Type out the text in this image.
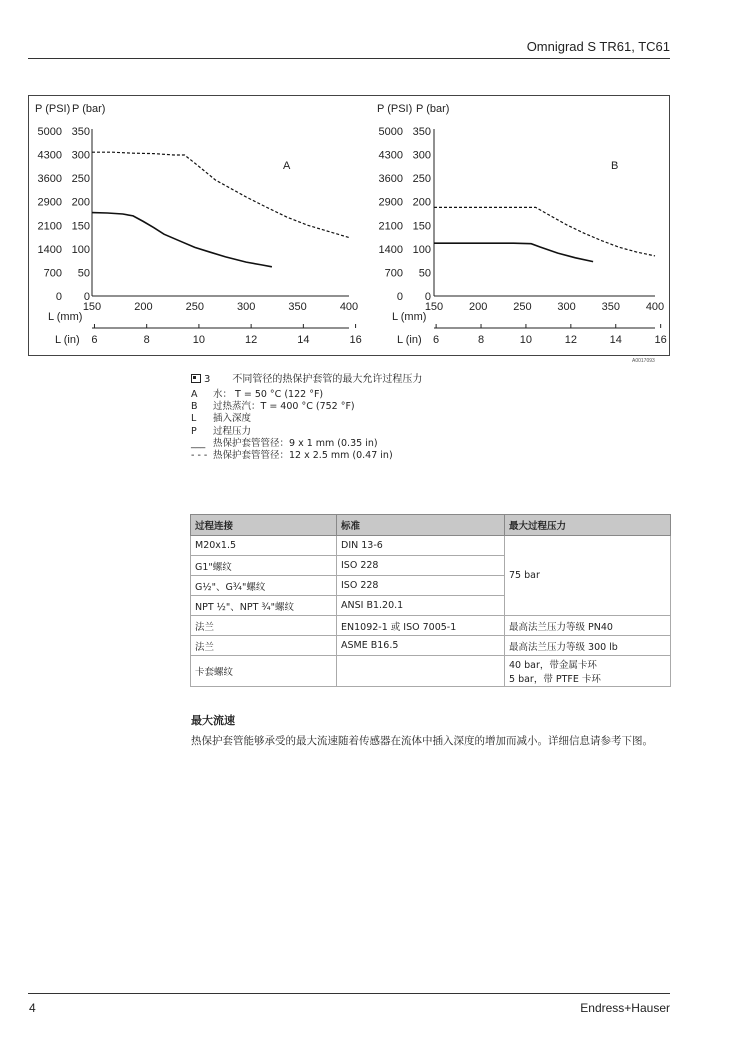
Omnigrad S TR61, TC61
P (PSI) P (bar)
5000 350
4300 300
3600 250
2900 200
2100 150
1400 100
700 50
0 0
150	200	250	300	350	400
L (mm)
6	8	10	12	14	16
L (in)
A
P (PSI) P (bar)
5000 350
4300 300
3600 250
2900 200
2100 150
1400 100
700 50
0 0
150 200 250 300 350 400
L (mm)
6	8	10	12	14	16
L (in)
B
A0017093
3 不同管径的热保护套管的最大允许过程压力
A	水： T = 50 °C (122 °F)
B	过热蒸汽：T = 400 °C (752 °F)
L	插入深度
P	过程压力
___ 热保护套管管径：9 x 1 mm (0.35 in)
- - - 热保护套管管径：12 x 2.5 mm (0.47 in)
过程连接	标准	最大过程压力
M20x1.5	DIN 13-6	75 bar
G1"螺纹	ISO 228	
G½"、G¾"螺纹	ISO 228	
NPT ½"、NPT ¾"螺纹	ANSI B1.20.1	
法兰	EN1092-1 或 ISO 7005-1	最高法兰压力等级 PN40
法兰	ASME B16.5	最高法兰压力等级 300 lb
卡套螺纹		40 bar，带金属卡环
5 bar，带 PTFE 卡环
最大流速
热保护套管能够承受的最大流速随着传感器在流体中插入深度的增加而减小。详细信息请参考下图。
4	Endress+Hauser
